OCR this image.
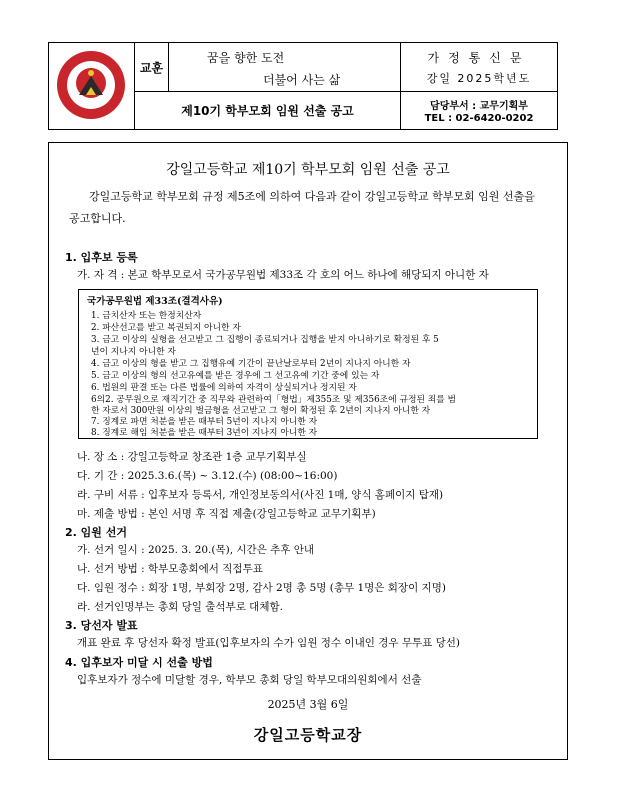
교훈
꿈을 향한 도전
더불어 사는 삶
가정통신문
강일 2025학년도
제10기 학부모회 임원 선출 공고	담당부서 : 교무기획부
TEL : 02-6420-0202
강일고등학교 제10기 학부모회 임원 선출 공고
강일고등학교 학부모회 규정 제5조에 의하여 다음과 같이 강일고등학교 학부모회 임원 선출을 공고합니다.
1. 입후보 등록
가. 자 격 : 본교 학부모로서 국가공무원법 제33조 각 호의 어느 하나에 해당되지 아니한 자
국가공무원법 제33조(결격사유)
1. 금치산자 또는 한정치산자
2. 파산선고를 받고 복권되지 아니한 자
3. 금고 이상의 실형을 선고받고 그 집행이 종료되거나 집행을 받지 아니하기로 확정된 후 5
년이 지나지 아니한 자
4. 금고 이상의 형을 받고 그 집행유예 기간이 끝난날로부터 2년이 지나지 아니한 자
5. 금고 이상의 형의 선고유예를 받은 경우에 그 선고유예 기간 중에 있는 자
6. 법원의 판결 또는 다른 법률에 의하여 자격이 상실되거나 정지된 자
6의2. 공무원으로 재직기간 중 직무와 관련하여「형법」제355조 및 제356조에 규정된 죄를 범
한 자로서 300만원 이상의 벌금형을 선고받고 그 형이 확정된 후 2년이 지나지 아니한 자
7. 징계로 파면 처분을 받은 때부터 5년이 지나지 아니한 자
8. 징계로 해임 처분을 받은 때부터 3년이 지나지 아니한 자
나. 장 소 : 강일고등학교 창조관 1층 교무기획부실
다. 기 간 : 2025.3.6.(목) ~ 3.12.(수) (08:00~16:00)
라. 구비 서류 : 입후보자 등록서, 개인정보동의서(사진 1매, 양식 홈페이지 탑재)
마. 제출 방법 : 본인 서명 후 직접 제출(강일고등학교 교무기획부)
2. 임원 선거
가. 선거 일시 : 2025. 3. 20.(목), 시간은 추후 안내
나. 선거 방법 : 학부모총회에서 직접투표
다. 임원 정수 : 회장 1명, 부회장 2명, 감사 2명 총 5명 (총무 1명은 회장이 지명)
라. 선거인명부는 총회 당일 출석부로 대체함.
3. 당선자 발표
개표 완료 후 당선자 확정 발표(입후보자의 수가 임원 정수 이내인 경우 무투표 당선)
4. 입후보자 미달 시 선출 방법
입후보자가 정수에 미달할 경우, 학부모 총회 당일 학부모대의원회에서 선출
2025년 3월 6일
강일고등학교장
